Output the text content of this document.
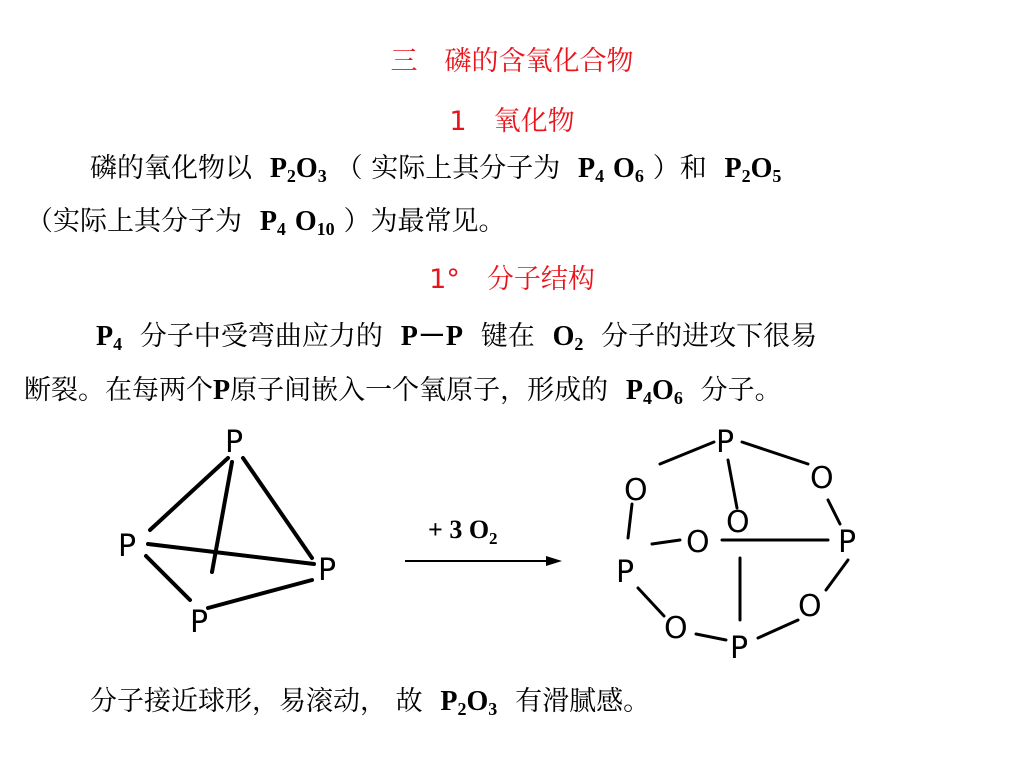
三　磷的含氧化合物
1　氧化物
磷的氧化物以 $P_2O_3$ （ 实际上其分子为 $P_4$ $O_6$ ）和 $P_2O_5$
（实际上其分子为 $P_4$ $O_{10}$ ）为最常见。
1°　分子结构
$P_4$ 分子中受弯曲应力的 P－P 键在 $O_2$ 分子的进攻下很易
断裂。在每两个P原子间嵌入一个氧原子，形成的 $P_4O_6$ 分子。
P
P
P
P
+ 3 $O_2$
P
P
P
P
O	O
O
O
O
O
分子接近球形，易滚动， 故 $P_2O_3$ 有滑腻感。
